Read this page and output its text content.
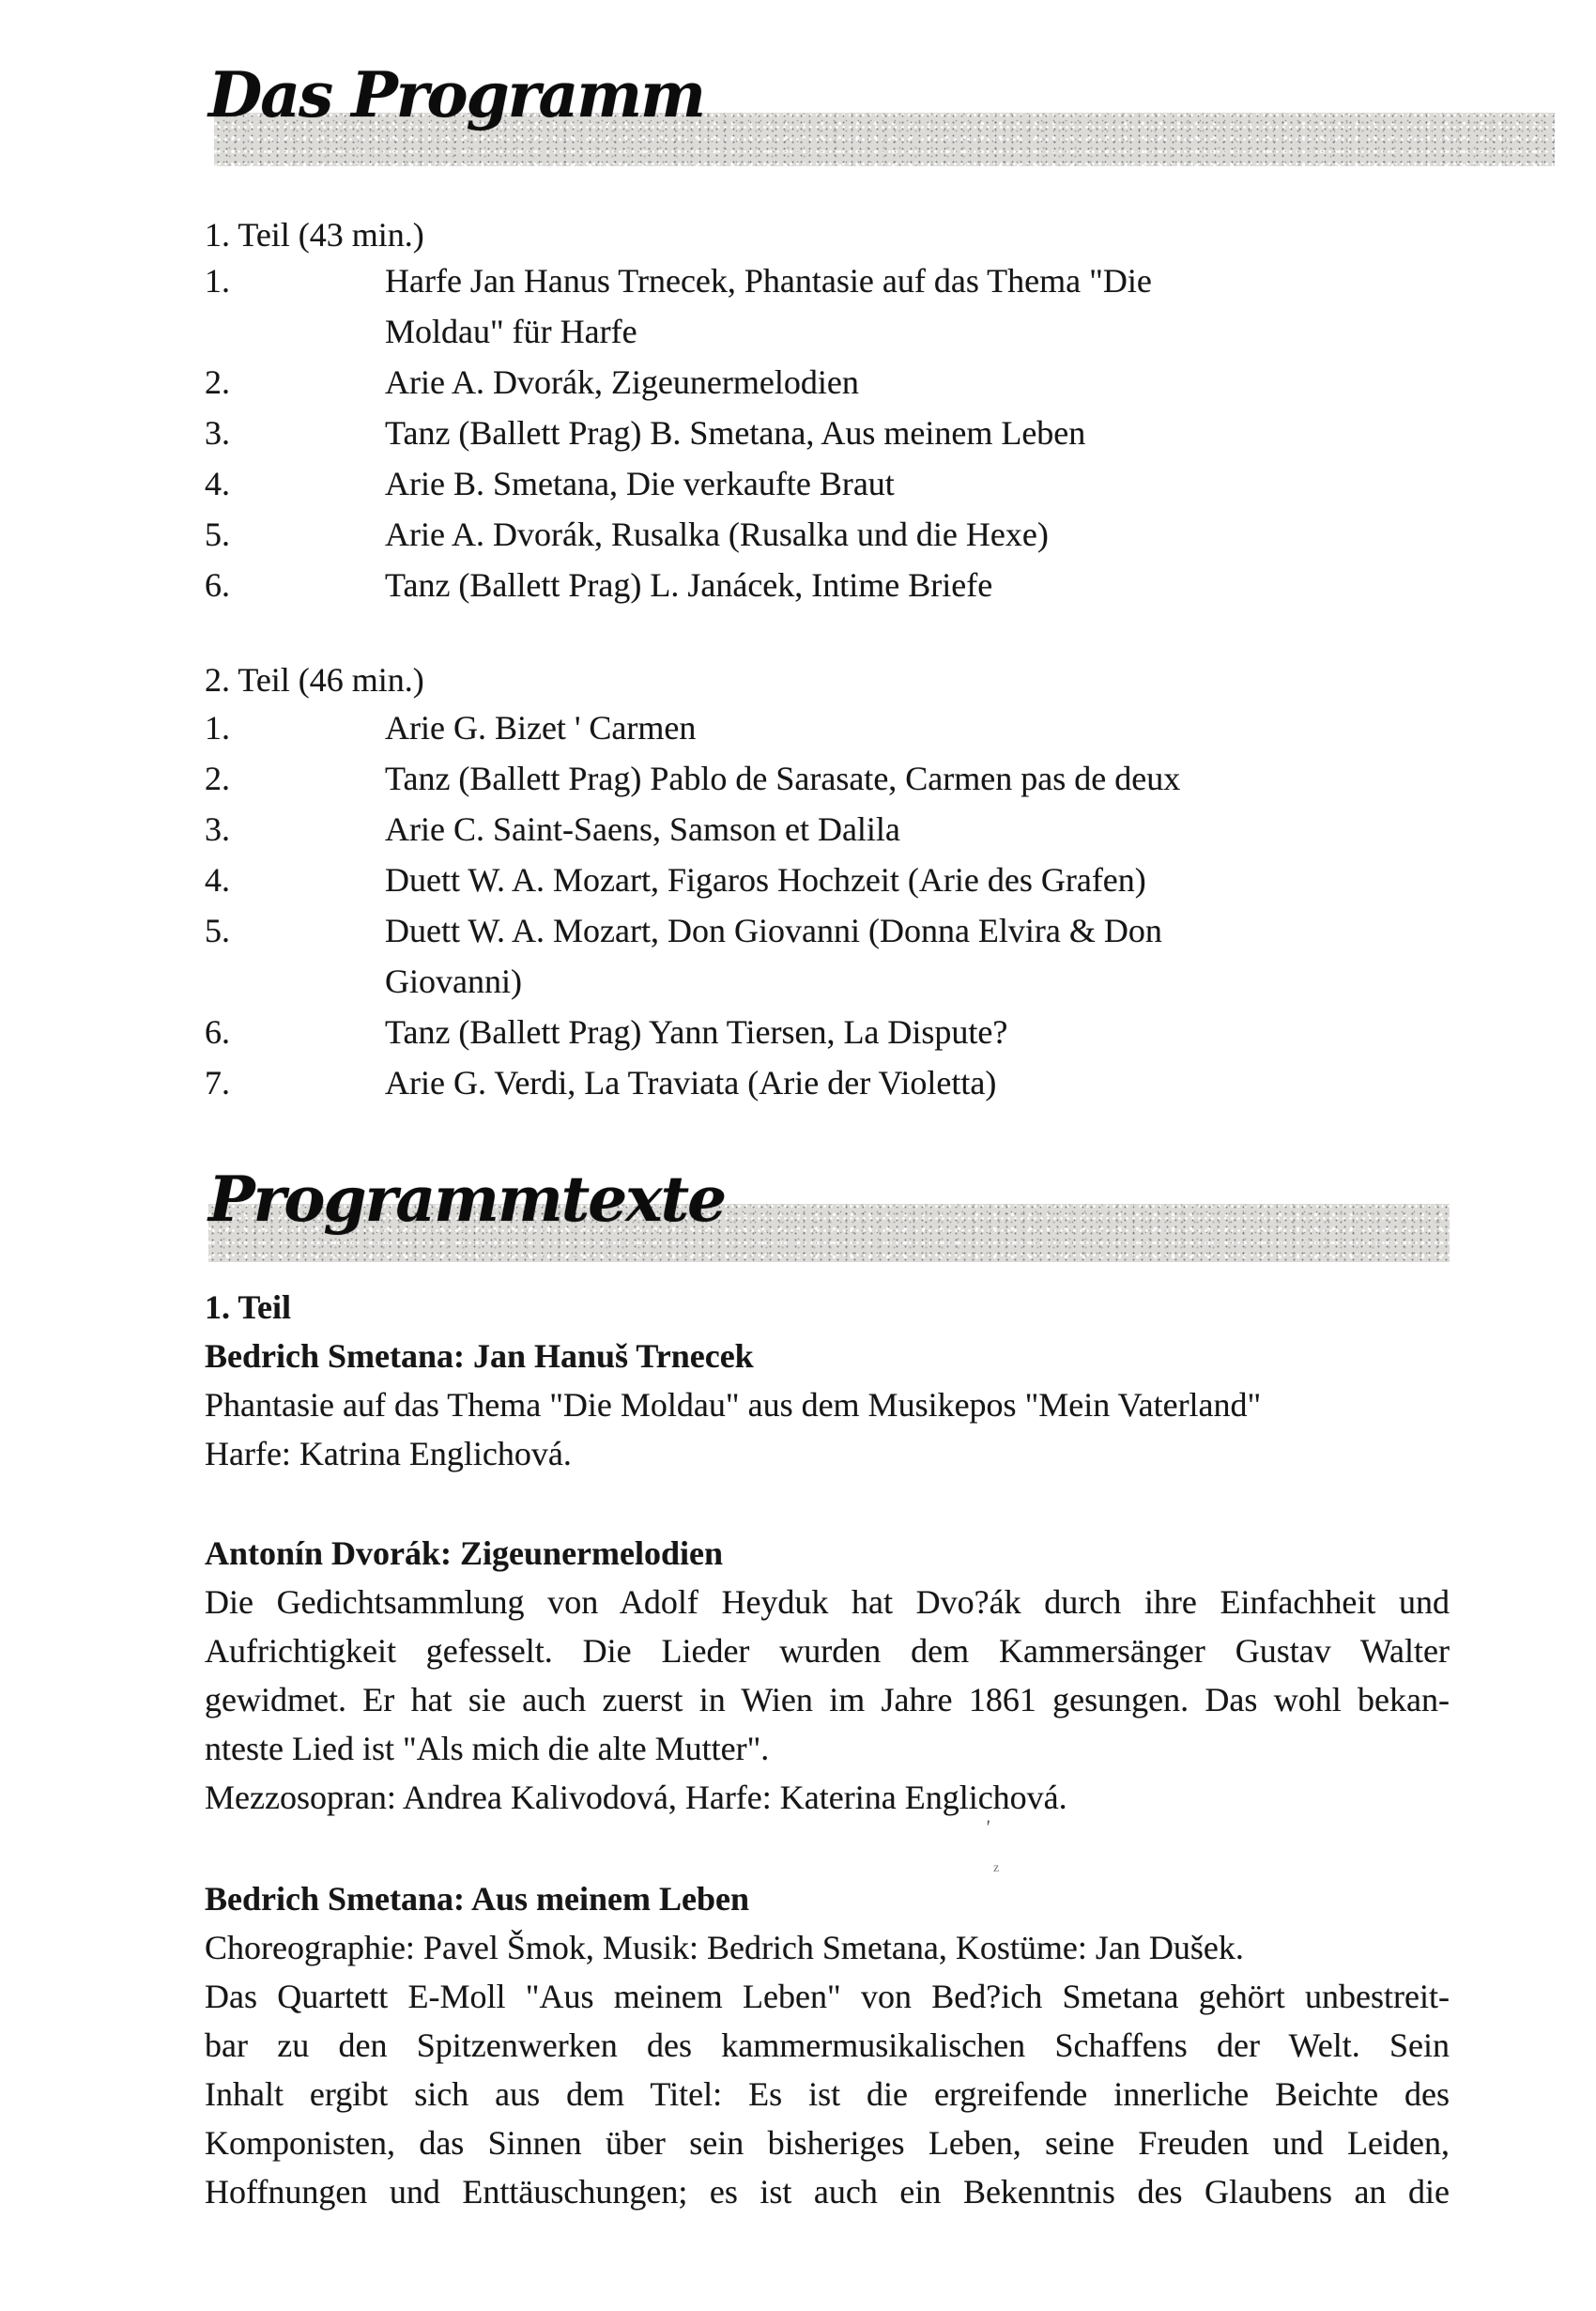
Das Programm
1. Teil (43 min.)
1.	Harfe Jan Hanus Trnecek, Phantasie auf das Thema "Die
Moldau" für Harfe
2.	Arie A. Dvorák, Zigeunermelodien
3.	Tanz (Ballett Prag) B. Smetana, Aus meinem Leben
4.	Arie B. Smetana, Die verkaufte Braut
5.	Arie A. Dvorák, Rusalka (Rusalka und die Hexe)
6.	Tanz (Ballett Prag) L. Janácek, Intime Briefe
2. Teil (46 min.)
1.	Arie G. Bizet ' Carmen
2.	Tanz (Ballett Prag) Pablo de Sarasate, Carmen pas de deux
3.	Arie C. Saint-Saens, Samson et Dalila
4.	Duett W. A. Mozart, Figaros Hochzeit (Arie des Grafen)
5.	Duett W. A. Mozart, Don Giovanni (Donna Elvira & Don
Giovanni)
6.	Tanz (Ballett Prag) Yann Tiersen, La Dispute?
7.	Arie G. Verdi, La Traviata (Arie der Violetta)
Programmtexte
1. Teil
Bedrich Smetana: Jan Hanuš Trnecek
Phantasie auf das Thema "Die Moldau" aus dem Musikepos "Mein Vaterland"
Harfe: Katrina Englichová.
Antonín Dvorák: Zigeunermelodien
Die Gedichtsammlung von Adolf Heyduk hat Dvo?ák durch ihre Einfachheit und
Aufrichtigkeit gefesselt. Die Lieder wurden dem Kammersänger Gustav Walter
gewidmet. Er hat sie auch zuerst in Wien im Jahre 1861 gesungen. Das wohl bekan-
nteste Lied ist "Als mich die alte Mutter".
Mezzosopran: Andrea Kalivodová, Harfe: Katerina Englichová.
'
z
Bedrich Smetana: Aus meinem Leben
Choreographie: Pavel Šmok, Musik: Bedrich Smetana, Kostüme: Jan Dušek.
Das Quartett E-Moll "Aus meinem Leben" von Bed?ich Smetana gehört unbestreit-
bar zu den Spitzenwerken des kammermusikalischen Schaffens der Welt. Sein
Inhalt ergibt sich aus dem Titel: Es ist die ergreifende innerliche Beichte des
Komponisten, das Sinnen über sein bisheriges Leben, seine Freuden und Leiden,
Hoffnungen und Enttäuschungen; es ist auch ein Bekenntnis des Glaubens an die
